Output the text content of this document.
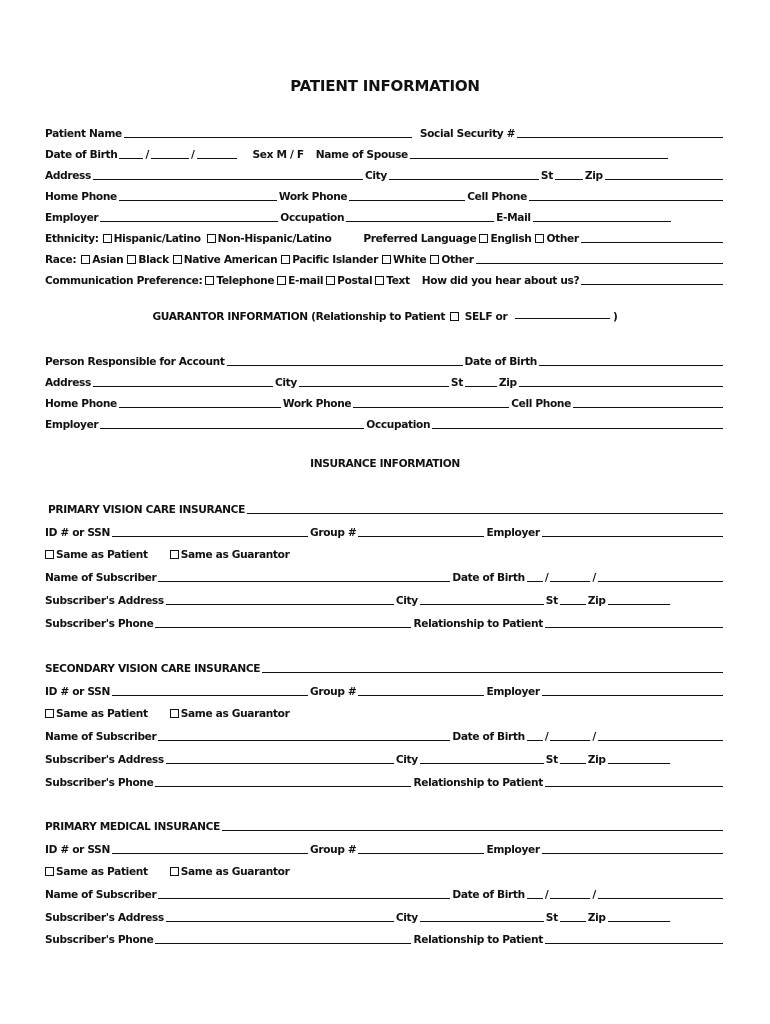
PATIENT INFORMATION
Patient Name	Social Security #
Date of Birth	/	/	Sex M / F Name of Spouse
Address	City	St	Zip
Home Phone	Work Phone	Cell Phone
Employer	Occupation	E-Mail
Ethnicity: Hispanic/Latino Non-Hispanic/Latino	Preferred Language English Other
Race: Asian Black Native American Pacific Islander White Other
Communication Preference: Telephone E-mail Postal Text How did you hear about us?
GUARANTOR INFORMATION (Relationship to Patient SELF or	)
Person Responsible for Account	Date of Birth
Address	City	St	Zip
Home Phone	Work Phone	Cell Phone
Employer	Occupation
INSURANCE INFORMATION
PRIMARY VISION CARE INSURANCE
ID # or SSN	Group #	Employer
Same as Patient	Same as Guarantor
Name of Subscriber	Date of Birth /	/
Subscriber's Address	City	St	Zip
Subscriber's Phone	Relationship to Patient
SECONDARY VISION CARE INSURANCE
ID # or SSN	Group #	Employer
Same as Patient	Same as Guarantor
Name of Subscriber	Date of Birth /	/
Subscriber's Address	City	St	Zip
Subscriber's Phone	Relationship to Patient
PRIMARY MEDICAL INSURANCE
ID # or SSN	Group #	Employer
Same as Patient	Same as Guarantor
Name of Subscriber	Date of Birth /	/
Subscriber's Address	City	St	Zip
Subscriber's Phone	Relationship to Patient
